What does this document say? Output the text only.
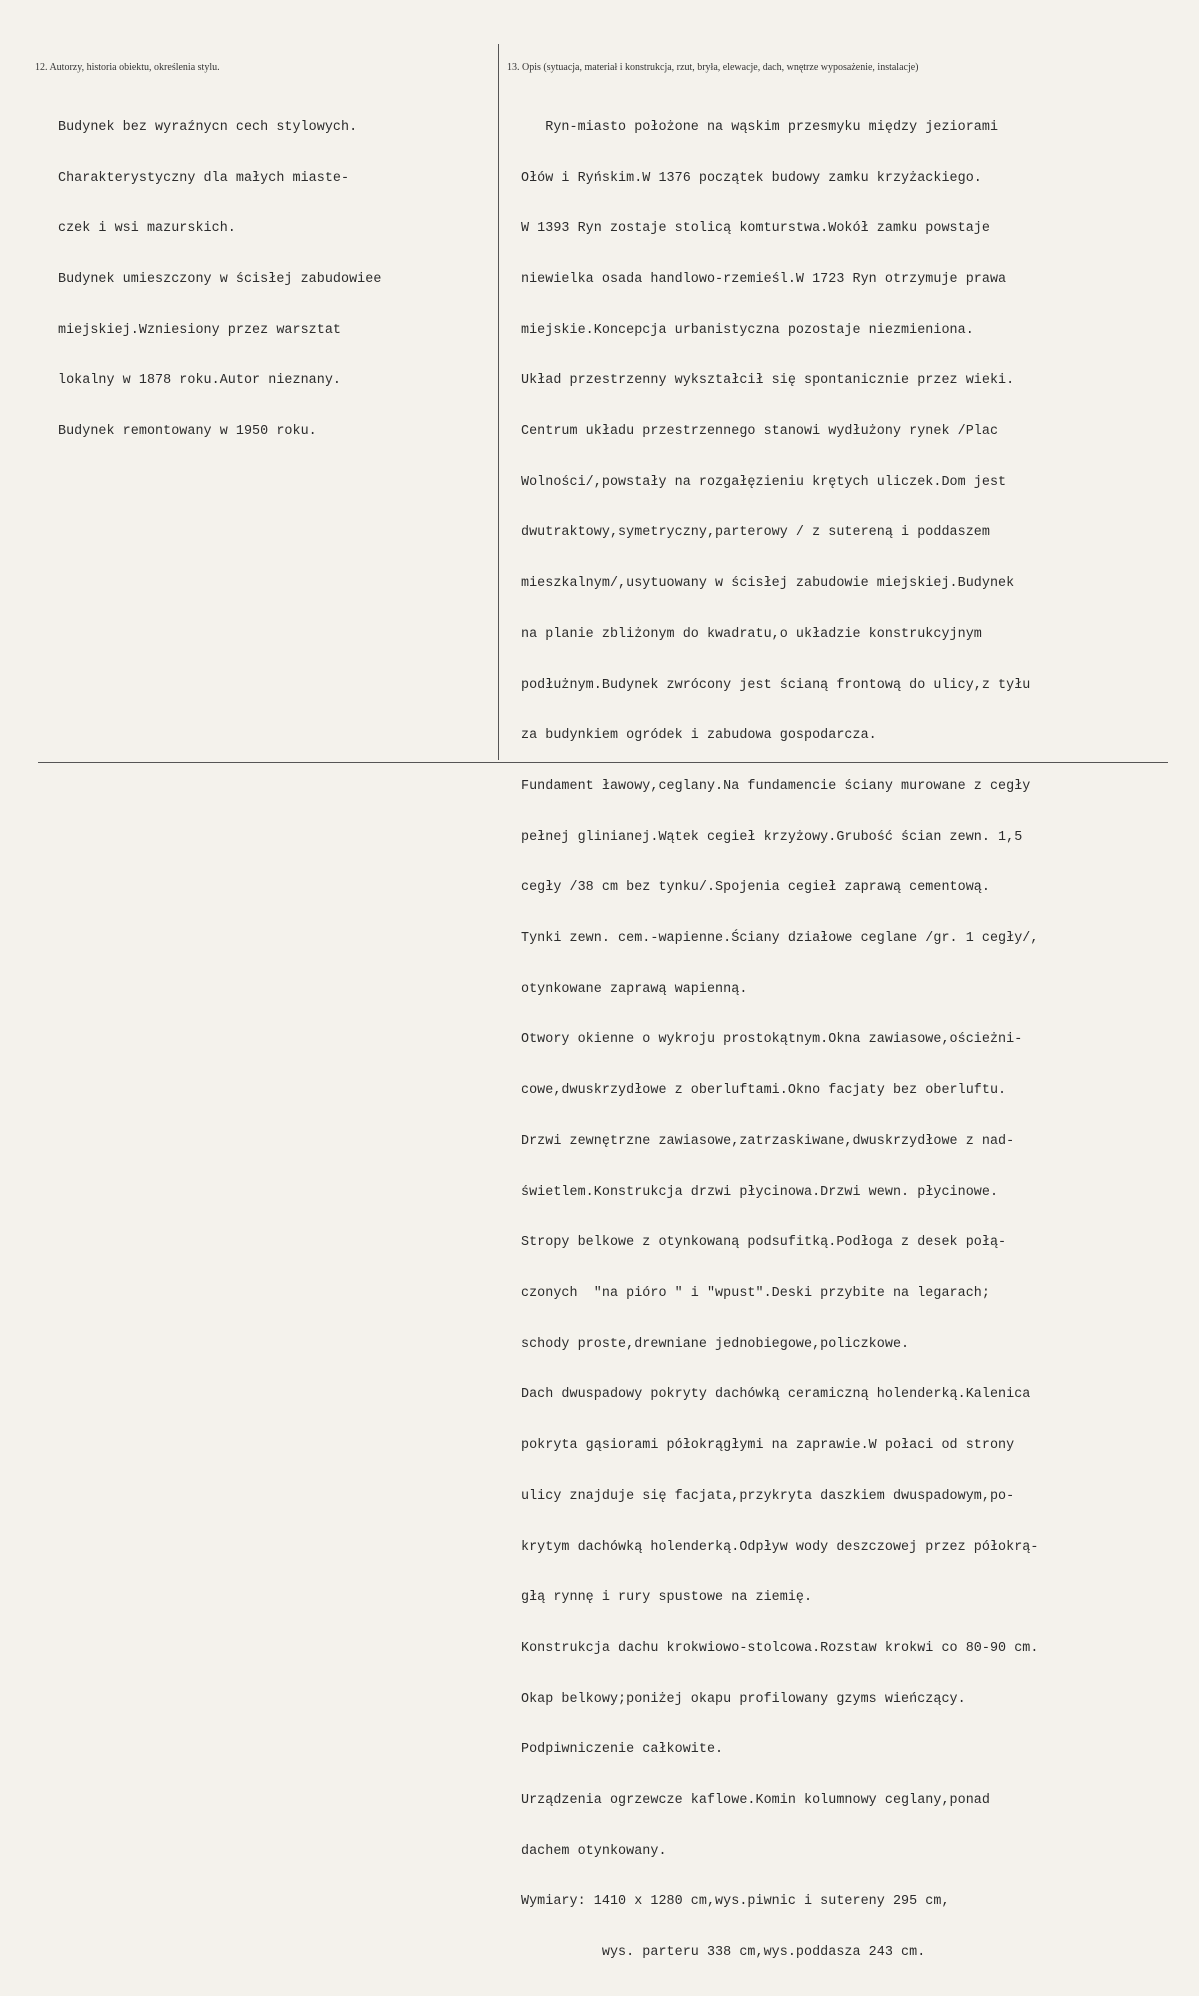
12. Autorzy, historia obiektu, określenia stylu.	13. Opis (sytuacja, materiał i konstrukcja, rzut, bryła, elewacje, dach, wnętrze wyposażenie, instalacje)

Budynek bez wyraźnycn cech stylowych.

Charakterystyczny dla małych miaste-

czek i wsi mazurskich.

Budynek umieszczony w ścisłej zabudowiee

miejskiej.Wzniesiony przez warsztat

lokalny w 1878 roku.Autor nieznany.

Budynek remontowany w 1950 roku.

Ryn-miasto położone na wąskim przesmyku między jeziorami

Ołów i Ryńskim.W 1376 początek budowy zamku krzyżackiego.

W 1393 Ryn zostaje stolicą komturstwa.Wokół zamku powstaje

niewielka osada handlowo-rzemieśl.W 1723 Ryn otrzymuje prawa

miejskie.Koncepcja urbanistyczna pozostaje niezmieniona.

Układ przestrzenny wykształcił się spontanicznie przez wieki.

Centrum układu przestrzennego stanowi wydłużony rynek /Plac

Wolności/,powstały na rozgałęzieniu krętych uliczek.Dom jest

dwutraktowy,symetryczny,parterowy / z sutereną i poddaszem

mieszkalnym/,usytuowany w ścisłej zabudowie miejskiej.Budynek

na planie zbliżonym do kwadratu,o układzie konstrukcyjnym

podłużnym.Budynek zwrócony jest ścianą frontową do ulicy,z tyłu

za budynkiem ogródek i zabudowa gospodarcza.

Fundament ławowy,ceglany.Na fundamencie ściany murowane z cegły

pełnej glinianej.Wątek cegieł krzyżowy.Grubość ścian zewn. 1,5

cegły /38 cm bez tynku/.Spojenia cegieł zaprawą cementową.

Tynki zewn. cem.-wapienne.Ściany działowe ceglane /gr. 1 cegły/,

otynkowane zaprawą wapienną.

Otwory okienne o wykroju prostokątnym.Okna zawiasowe,ościeżni-

cowe,dwuskrzydłowe z oberluftami.Okno facjaty bez oberluftu.

Drzwi zewnętrzne zawiasowe,zatrzaskiwane,dwuskrzydłowe z nad-

świetlem.Konstrukcja drzwi płycinowa.Drzwi wewn. płycinowe.

Stropy belkowe z otynkowaną podsufitką.Podłoga z desek połą-

czonych  "na pióro " i "wpust".Deski przybite na legarach;

schody proste,drewniane jednobiegowe,policzkowe.

Dach dwuspadowy pokryty dachówką ceramiczną holenderką.Kalenica

pokryta gąsiorami półokrągłymi na zaprawie.W połaci od strony

ulicy znajduje się facjata,przykryta daszkiem dwuspadowym,po-

krytym dachówką holenderką.Odpływ wody deszczowej przez półokrą-

głą rynnę i rury spustowe na ziemię.

Konstrukcja dachu krokwiowo-stolcowa.Rozstaw krokwi co 80-90 cm.

Okap belkowy;poniżej okapu profilowany gzyms wieńczący.

Podpiwniczenie całkowite.

Urządzenia ogrzewcze kaflowe.Komin kolumnowy ceglany,ponad

dachem otynkowany.

Wymiary: 1410 x 1280 cm,wys.piwnic i sutereny 295 cm,

wys. parteru 338 cm,wys.poddasza 243 cm.
